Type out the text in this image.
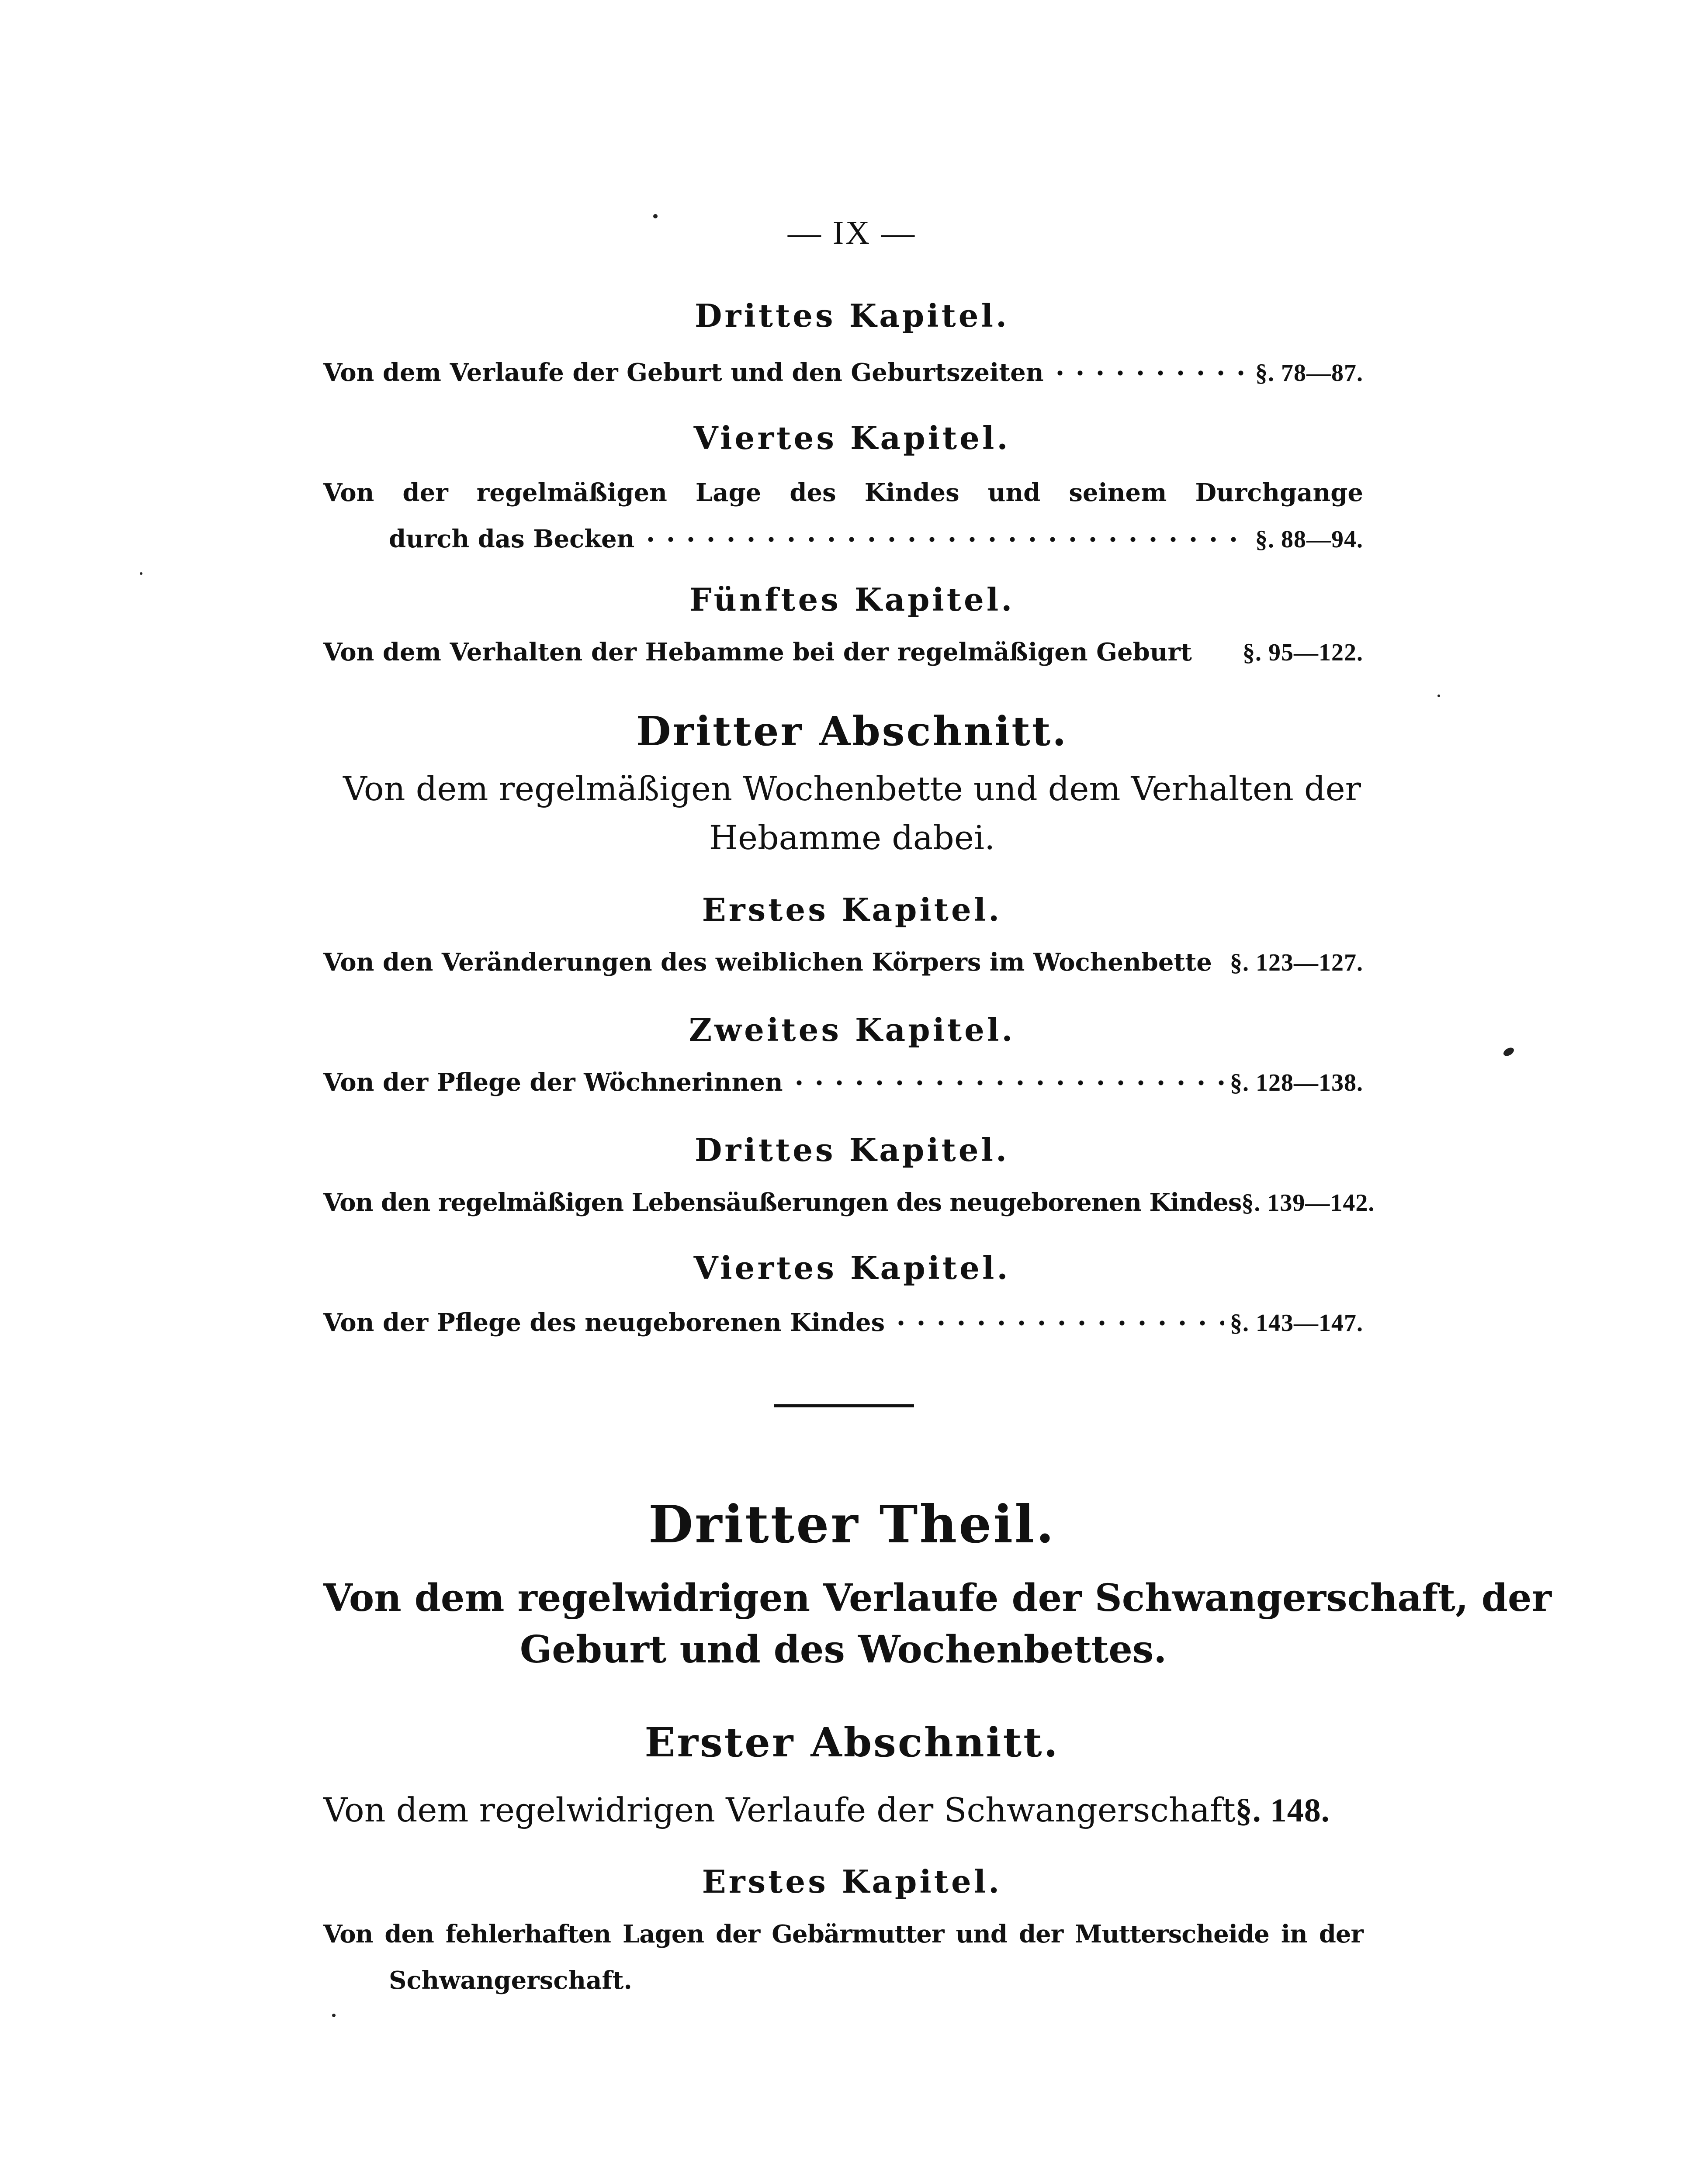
— IX —
Drittes Kapitel.
Von dem Verlaufe der Geburt und den Geburtszeiten	§. 78—87.
Viertes Kapitel.
Von der regelmäßigen Lage des Kindes und seinem Durchgange
durch das Becken	§. 88—94.
Fünftes Kapitel.
Von dem Verhalten der Hebamme bei der regelmäßigen Geburt §. 95—122.
Dritter Abschnitt.
Von dem regelmäßigen Wochenbette und dem Verhalten der
Hebamme dabei.
Erstes Kapitel.
Von den Veränderungen des weiblichen Körpers im Wochenbette §. 123—127.
Zweites Kapitel.
Von der Pflege der Wöchnerinnen	§. 128—138.
Drittes Kapitel.
Von den regelmäßigen Lebensäußerungen des neugeborenen Kindes §. 139—142.
Viertes Kapitel.
Von der Pflege des neugeborenen Kindes	§. 143—147.
Dritter Theil.
Von dem regelwidrigen Verlaufe der Schwangerschaft, der
Geburt und des Wochenbettes.
Erster Abschnitt.
Von dem regelwidrigen Verlaufe der Schwangerschaft §. 148.
Erstes Kapitel.
Von den fehlerhaften Lagen der Gebärmutter und der Mutterscheide in der
Schwangerschaft.
